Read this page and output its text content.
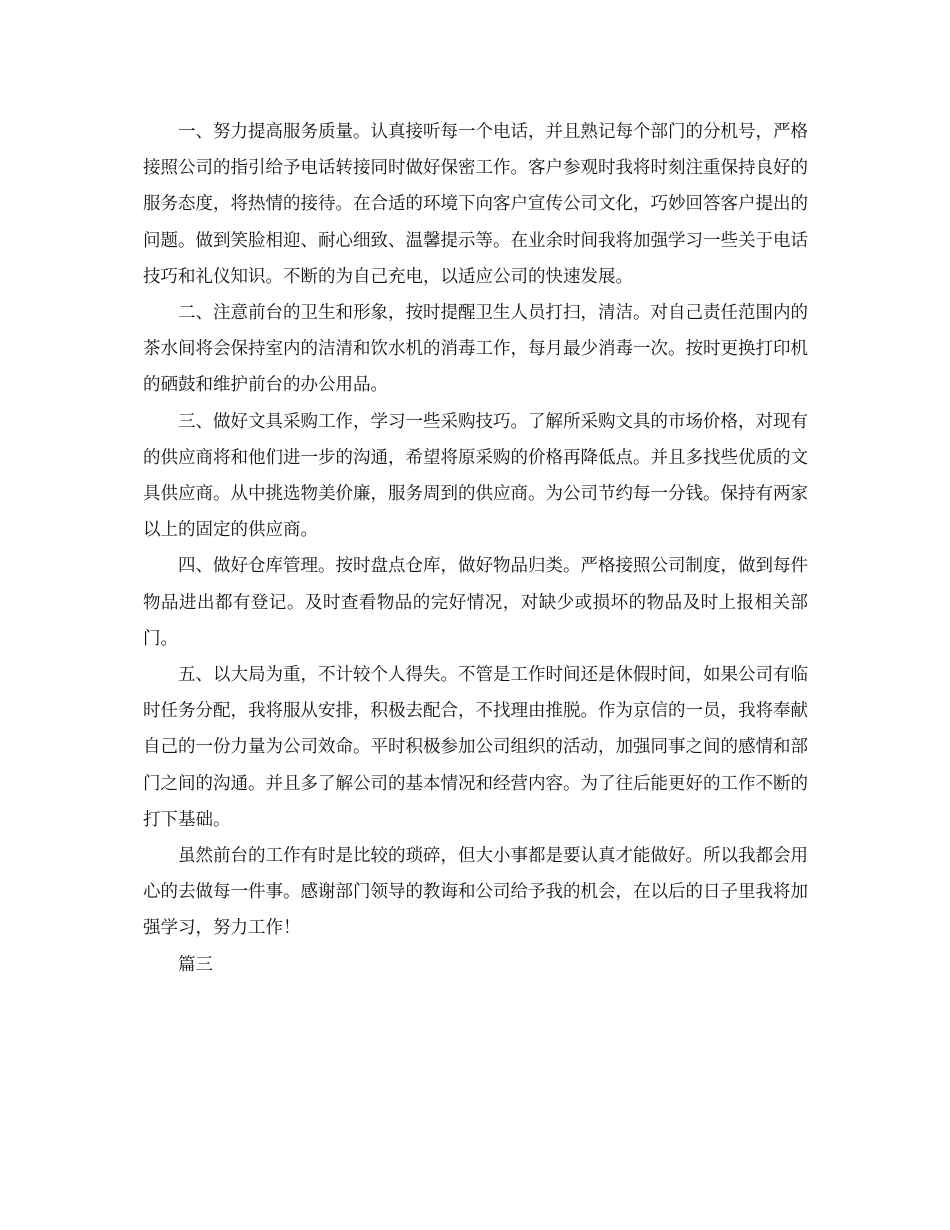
一、努力提高服务质量。认真接听每一个电话，并且熟记每个部门的分机号，严格接照公司的指引给予电话转接同时做好保密工作。客户参观时我将时刻注重保持良好的服务态度，将热情的接待。在合适的环境下向客户宣传公司文化，巧妙回答客户提出的问题。做到笑脸相迎、耐心细致、温馨提示等。在业余时间我将加强学习一些关于电话技巧和礼仪知识。不断的为自己充电，以适应公司的快速发展。

二、注意前台的卫生和形象，按时提醒卫生人员打扫，清洁。对自己责任范围内的茶水间将会保持室内的洁清和饮水机的消毒工作，每月最少消毒一次。按时更换打印机的硒鼓和维护前台的办公用品。

三、做好文具采购工作，学习一些采购技巧。了解所采购文具的市场价格，对现有的供应商将和他们进一步的沟通，希望将原采购的价格再降低点。并且多找些优质的文具供应商。从中挑选物美价廉，服务周到的供应商。为公司节约每一分钱。保持有两家以上的固定的供应商。

四、做好仓库管理。按时盘点仓库，做好物品归类。严格接照公司制度，做到每件物品进出都有登记。及时查看物品的完好情况，对缺少或损坏的物品及时上报相关部门。

五、以大局为重，不计较个人得失。不管是工作时间还是休假时间，如果公司有临时任务分配，我将服从安排，积极去配合，不找理由推脱。作为京信的一员，我将奉献自己的一份力量为公司效命。平时积极参加公司组织的活动，加强同事之间的感情和部门之间的沟通。并且多了解公司的基本情况和经营内容。为了往后能更好的工作不断的打下基础。

虽然前台的工作有时是比较的琐碎，但大小事都是要认真才能做好。所以我都会用心的去做每一件事。感谢部门领导的教诲和公司给予我的机会，在以后的日子里我将加强学习，努力工作！

篇三
